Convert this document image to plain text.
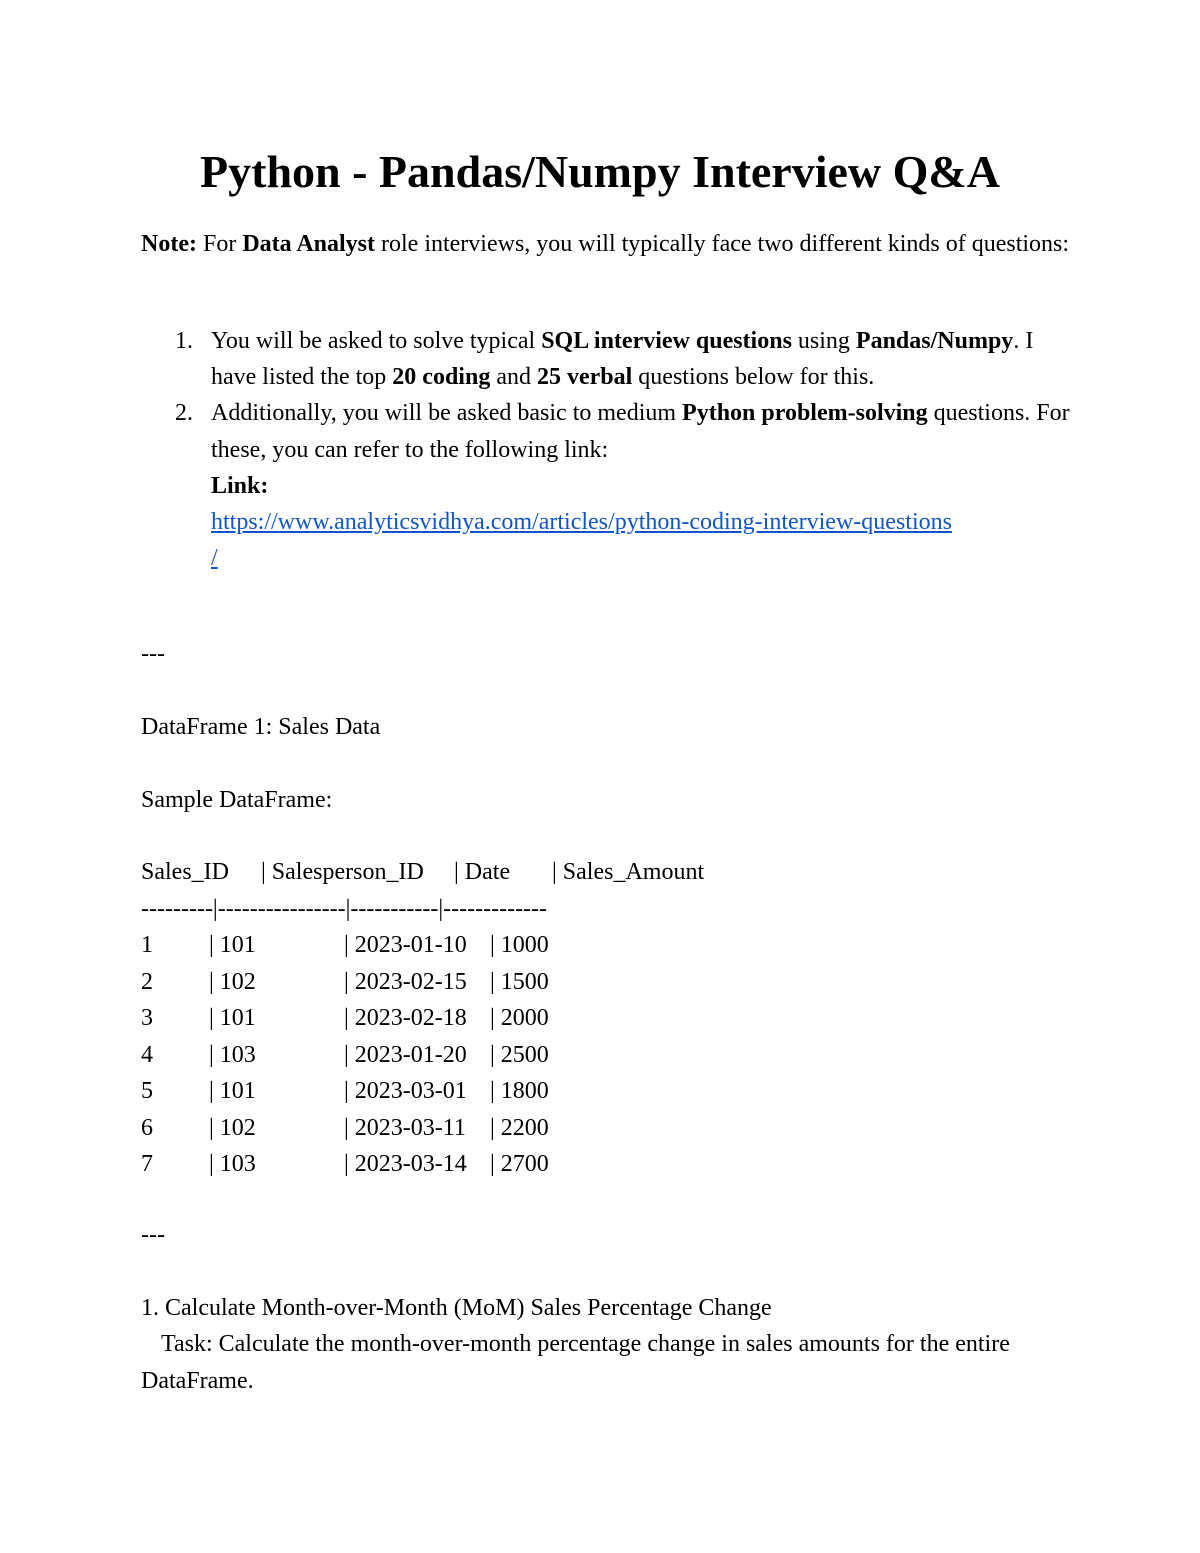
Python - Pandas/Numpy Interview Q&A
Note: For Data Analyst role interviews, you will typically face two different kinds of questions:
1. You will be asked to solve typical SQL interview questions using Pandas/Numpy. I have listed the top 20 coding and 25 verbal questions below for this.
2. Additionally, you will be asked basic to medium Python problem-solving questions. For these, you can refer to the following link:
Link:

https://www.analyticsvidhya.com/articles/python-coding-interview-questions
/
---
DataFrame 1: Sales Data
Sample DataFrame:
Sales_ID | Salesperson_ID | Date | Sales_Amount
---------|----------------|-----------|-------------
1 | 101	| 2023-01-10 | 1000
2 | 102	| 2023-02-15 | 1500
3 | 101	| 2023-02-18 | 2000
4 | 103	| 2023-01-20 | 2500
5 | 101	| 2023-03-01 | 1800
6 | 102	| 2023-03-11 | 2200
7 | 103	| 2023-03-14 | 2700
---
1. Calculate Month-over-Month (MoM) Sales Percentage Change
Task: Calculate the month-over-month percentage change in sales amounts for the entire DataFrame.
